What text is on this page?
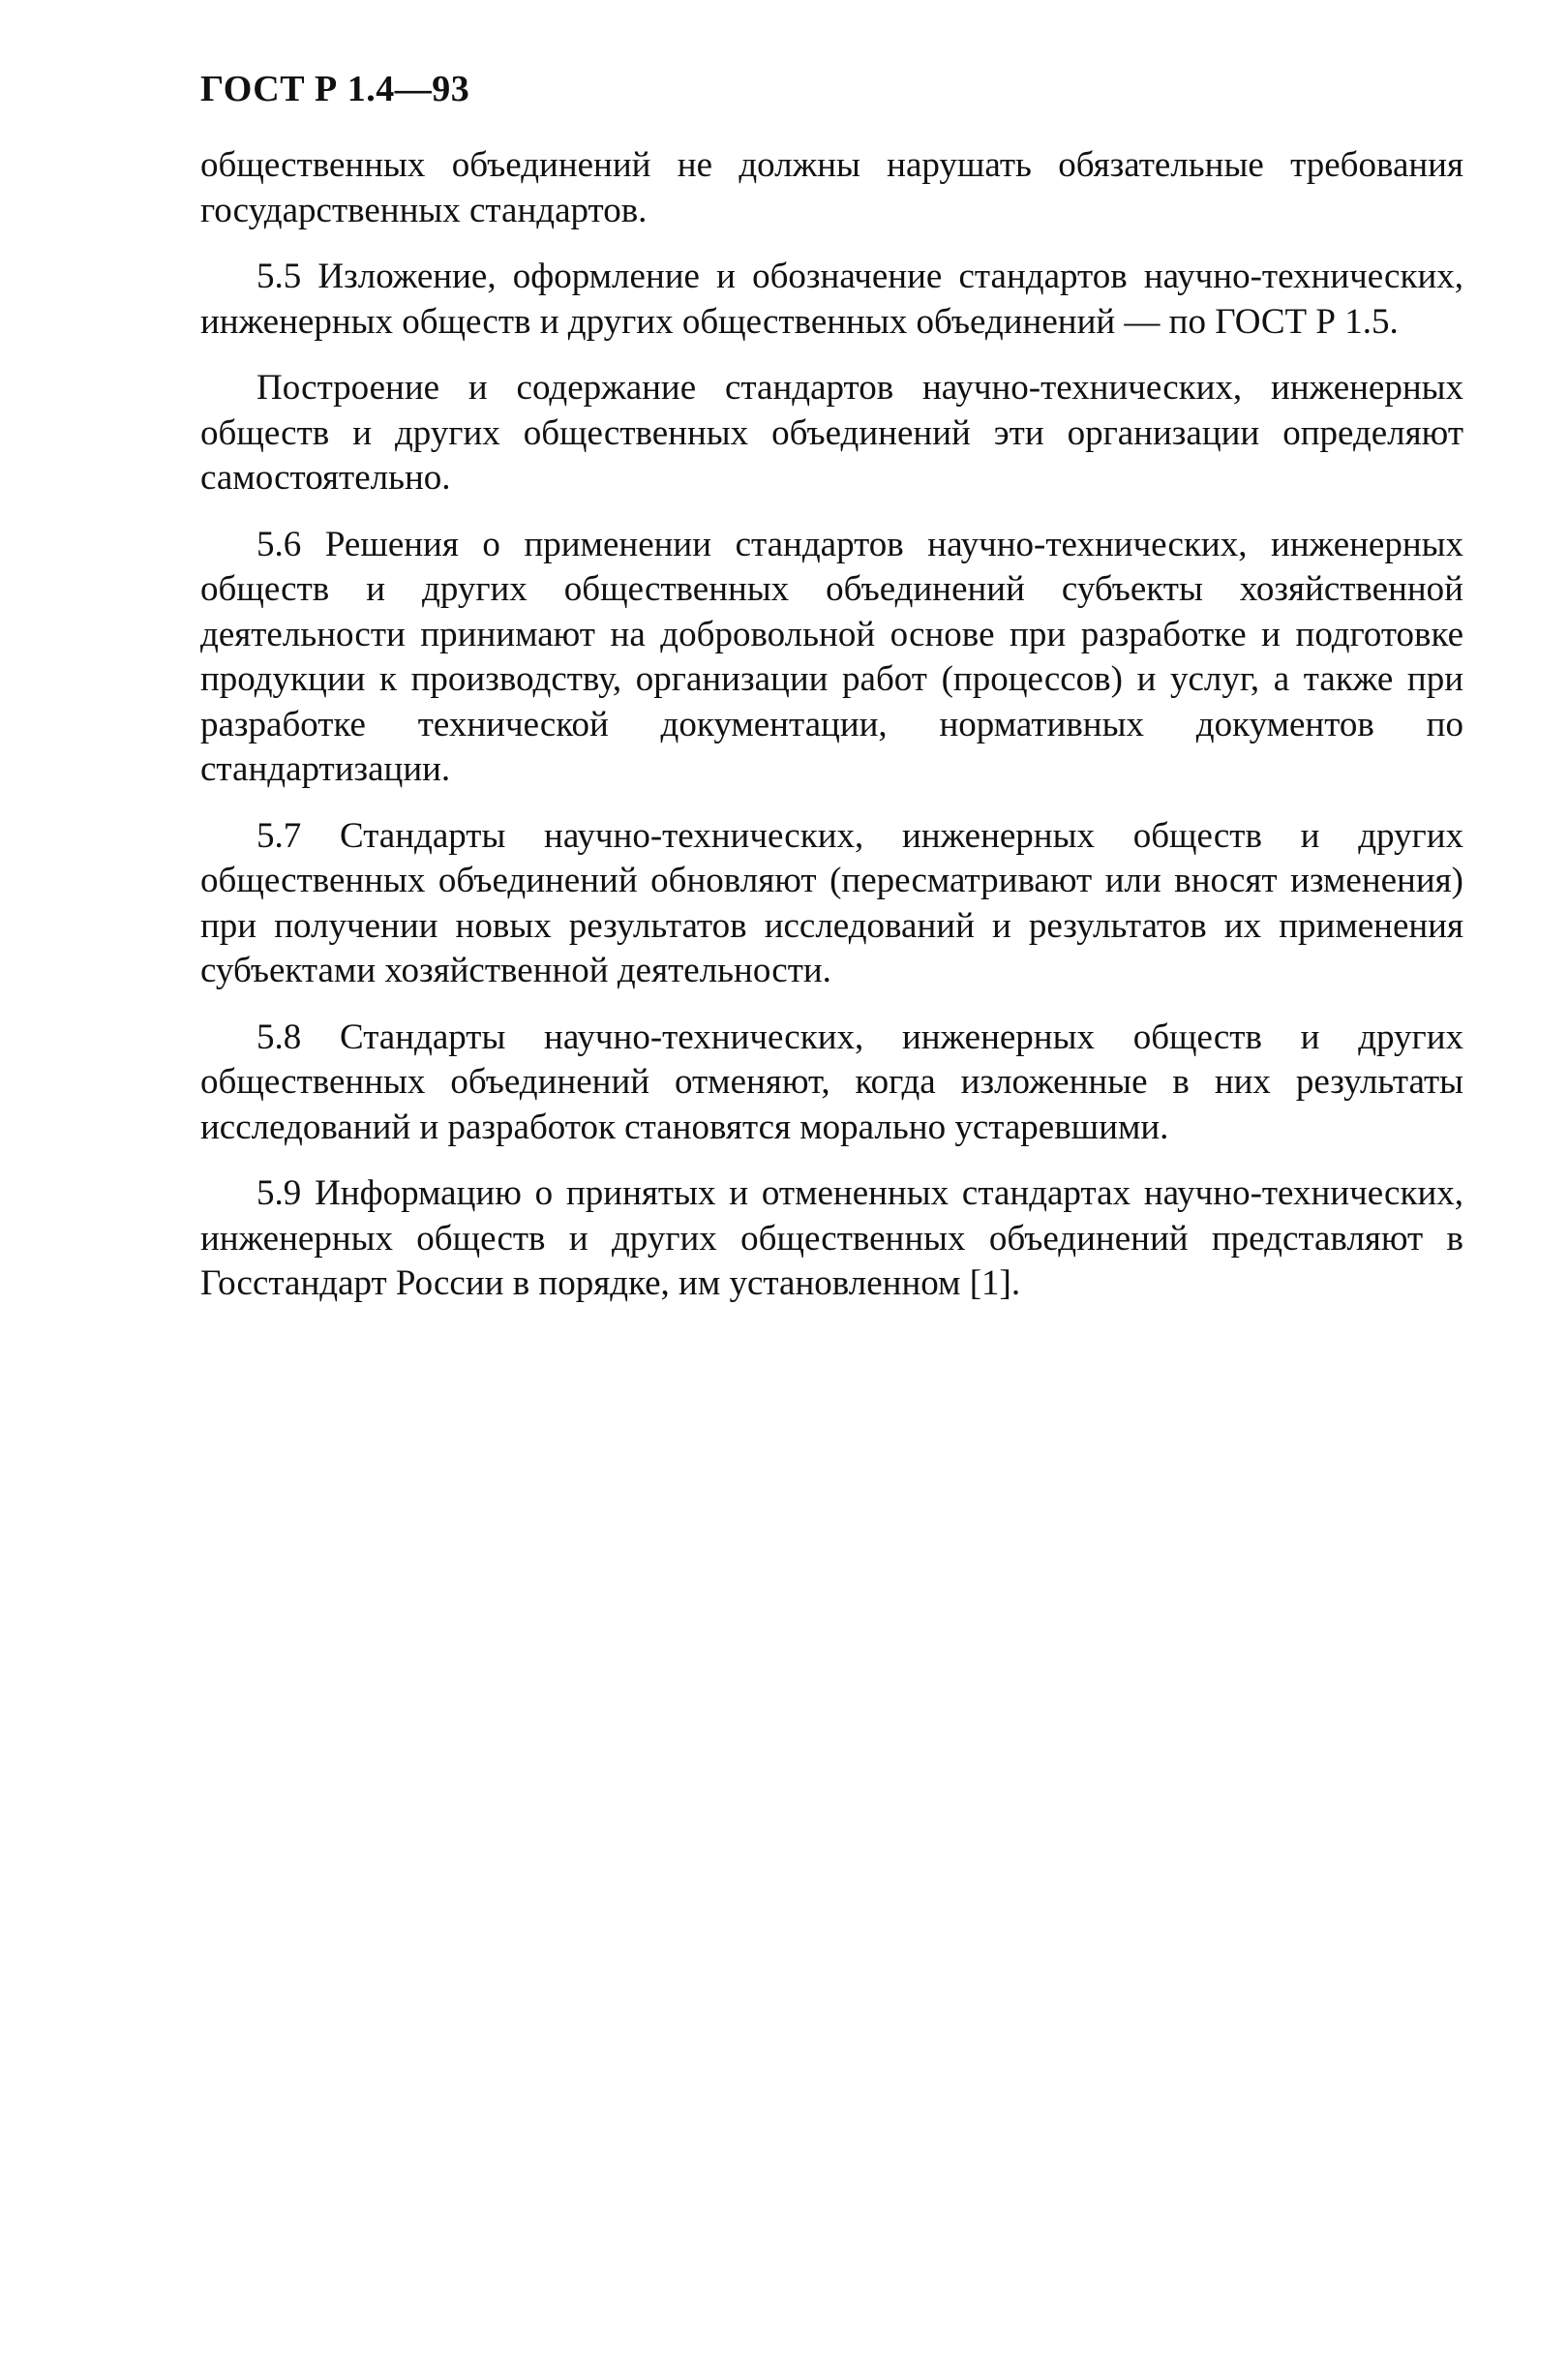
ГОСТ Р 1.4—93

общественных объединений не должны нарушать обязательные требования государственных стандартов.

5.5 Изложение, оформление и обозначение стандартов научно-технических, инженерных обществ и других общественных объединений — по ГОСТ Р 1.5.

Построение и содержание стандартов научно-технических, инженерных обществ и других общественных объединений эти организации определяют самостоятельно.

5.6 Решения о применении стандартов научно-технических, инженерных обществ и других общественных объединений субъекты хозяйственной деятельности принимают на добровольной основе при разработке и подготовке продукции к производству, организации работ (процессов) и услуг, а также при разработке технической документации, нормативных документов по стандартизации.

5.7 Стандарты научно-технических, инженерных обществ и других общественных объединений обновляют (пересматривают или вносят изменения) при получении новых результатов исследований и результатов их применения субъектами хозяйственной деятельности.

5.8 Стандарты научно-технических, инженерных обществ и других общественных объединений отменяют, когда изложенные в них результаты исследований и разработок становятся морально устаревшими.

5.9 Информацию о принятых и отмененных стандартах научно-технических, инженерных обществ и других общественных объединений представляют в Госстандарт России в порядке, им установленном [1].
